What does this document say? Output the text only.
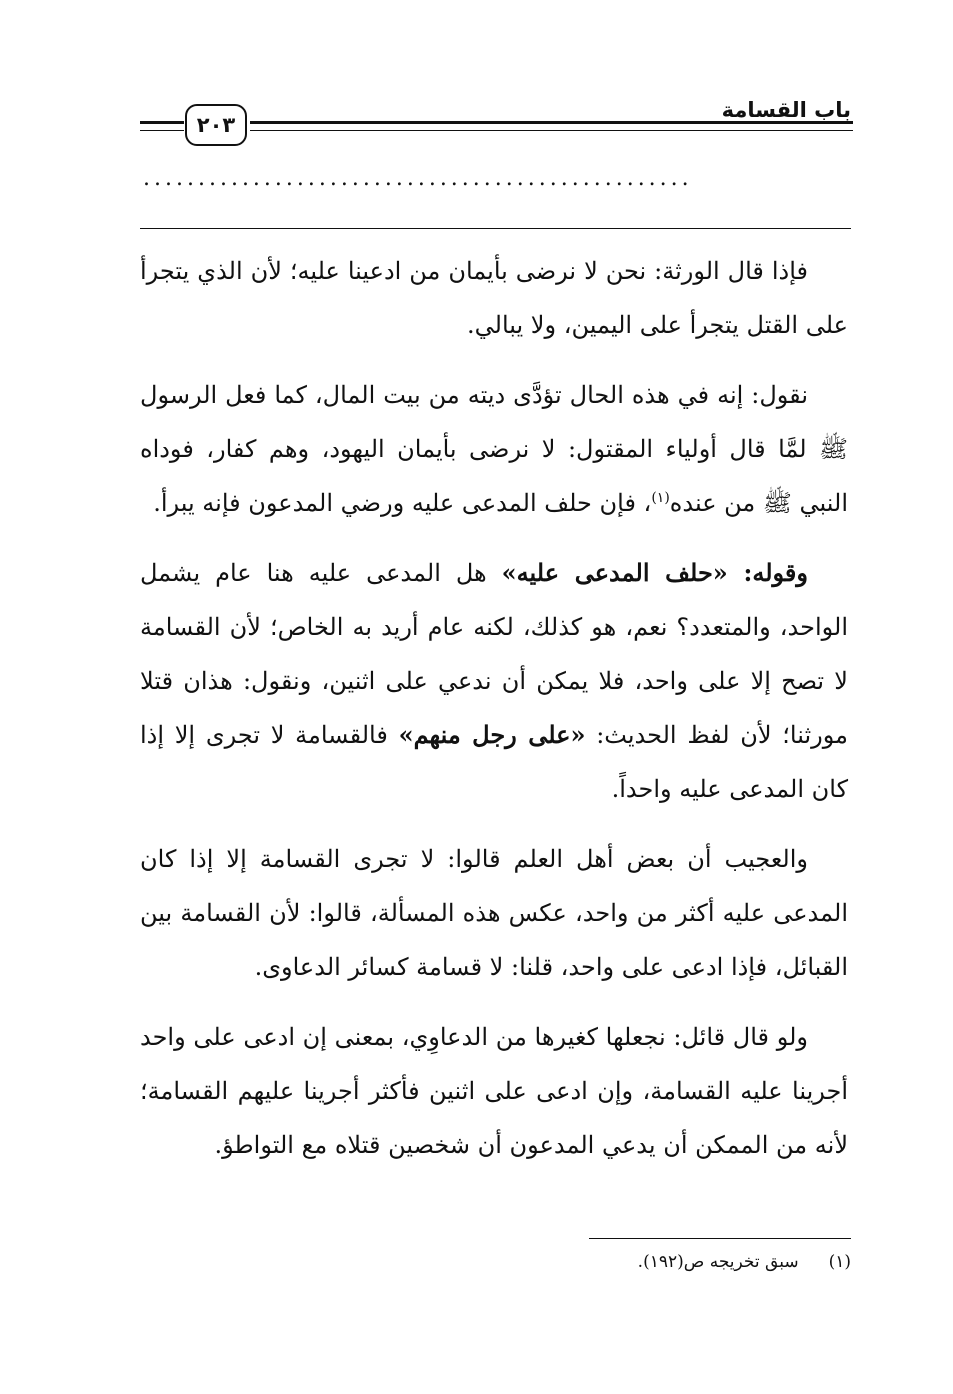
باب القسامة
٢٠٣
..................................................

فإذا قال الورثة: نحن لا نرضى بأيمان من ادعينا عليه؛ لأن الذي يتجرأ على القتل يتجرأ على اليمين، ولا يبالي.

نقول: إنه في هذه الحال تؤدَّى ديته من بيت المال، كما فعل الرسول ﷺ لمَّا قال أولياء المقتول: لا نرضى بأيمان اليهود، وهم كفار، فوداه النبي ﷺ من عنده$^{(١)}$، فإن حلف المدعى عليه ورضي المدعون فإنه يبرأ.

وقوله: «حلف المدعى عليه» هل المدعى عليه هنا عام يشمل الواحد، والمتعدد؟ نعم، هو كذلك، لكنه عام أريد به الخاص؛ لأن القسامة لا تصح إلا على واحد، فلا يمكن أن ندعي على اثنين، ونقول: هذان قتلا مورثنا؛ لأن لفظ الحديث: «على رجل منهم» فالقسامة لا تجرى إلا إذا كان المدعى عليه واحداً.

والعجيب أن بعض أهل العلم قالوا: لا تجرى القسامة إلا إذا كان المدعى عليه أكثر من واحد، عكس هذه المسألة، قالوا: لأن القسامة بين القبائل، فإذا ادعى على واحد، قلنا: لا قسامة كسائر الدعاوى.

ولو قال قائل: نجعلها كغيرها من الدعاوِي، بمعنى إن ادعى على واحد أجرينا عليه القسامة، وإن ادعى على اثنين فأكثر أجرينا عليهم القسامة؛ لأنه من الممكن أن يدعي المدعون أن شخصين قتلاه مع التواطؤ.

(١)سبق تخريجه ص(١٩٢).
